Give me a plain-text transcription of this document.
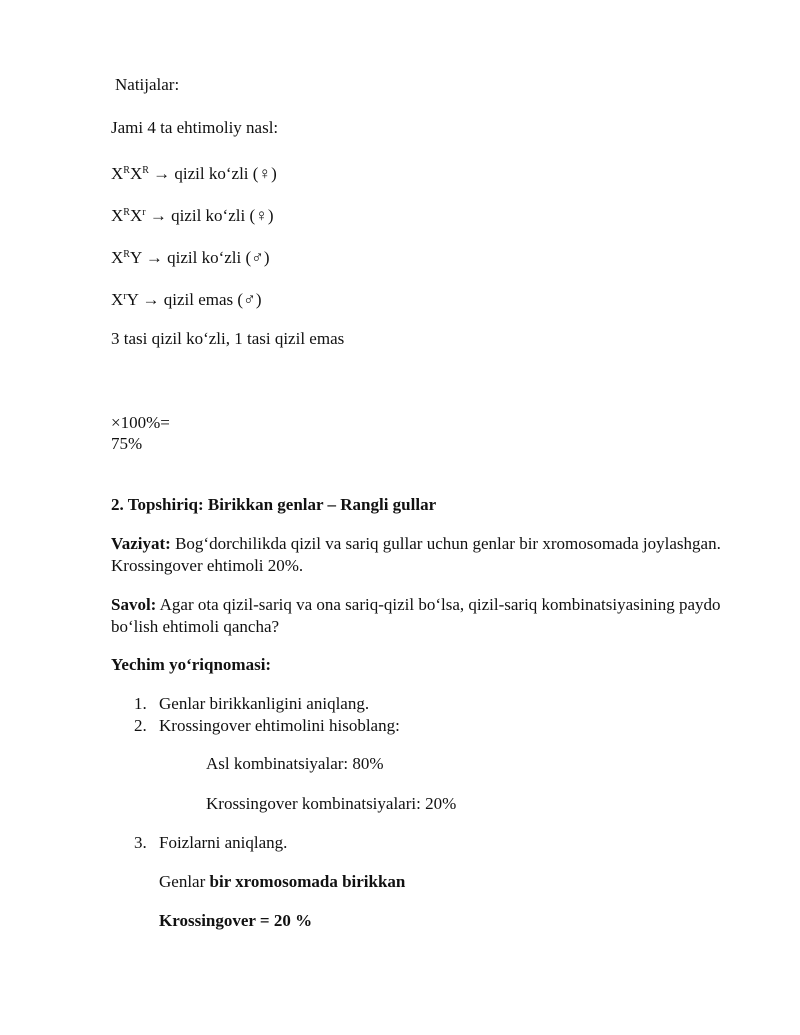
Natijalar:
Jami 4 ta ehtimoliy nasl:
$X^RX^R$ → qizil ko‘zli (♀)
$X^RX^r$ → qizil ko‘zli (♀)
$X^RY$ → qizil ko‘zli (♂)
$X^rY$ → qizil emas (♂)
3 tasi qizil ko‘zli, 1 tasi qizil emas
×100%=
75%
2. Topshiriq: Birikkan genlar – Rangli gullar
Vaziyat: Bog‘dorchilikda qizil va sariq gullar uchun genlar bir xromosomada joylashgan. Krossingover ehtimoli 20%.
Savol: Agar ota qizil-sariq va ona sariq-qizil bo‘lsa, qizil-sariq kombinatsiyasining paydo bo‘lish ehtimoli qancha?
Yechim yo‘riqnomasi:
1. Genlar birikkanligini aniqlang.
2. Krossingover ehtimolini hisoblang:
Asl kombinatsiyalar: 80%
Krossingover kombinatsiyalari: 20%
3. Foizlarni aniqlang.
Genlar bir xromosomada birikkan
Krossingover = 20 %
